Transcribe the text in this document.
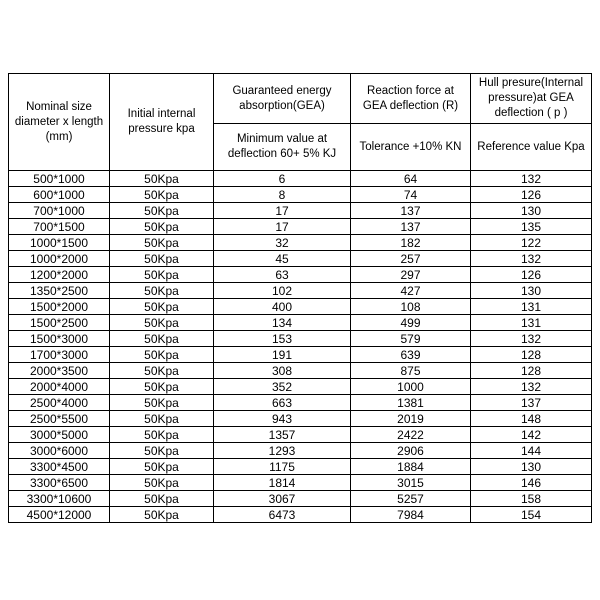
Nominal size diameter x length (mm)	Initial internal pressure kpa	Guaranteed energy absorption(GEA)	Reaction force at GEA deflection (R)	Hull presure(Internal pressure)at GEA deflection ( p )
		Minimum value at deflection 60+ 5% KJ	Tolerance +10% KN	Reference value Kpa
500*1000	50Kpa	6	64	132
600*1000	50Kpa	8	74	126
700*1000	50Kpa	17	137	130
700*1500	50Kpa	17	137	135
1000*1500	50Kpa	32	182	122
1000*2000	50Kpa	45	257	132
1200*2000	50Kpa	63	297	126
1350*2500	50Kpa	102	427	130
1500*2000	50Kpa	400	108	131
1500*2500	50Kpa	134	499	131
1500*3000	50Kpa	153	579	132
1700*3000	50Kpa	191	639	128
2000*3500	50Kpa	308	875	128
2000*4000	50Kpa	352	1000	132
2500*4000	50Kpa	663	1381	137
2500*5500	50Kpa	943	2019	148
3000*5000	50Kpa	1357	2422	142
3000*6000	50Kpa	1293	2906	144
3300*4500	50Kpa	1175	1884	130
3300*6500	50Kpa	1814	3015	146
3300*10600	50Kpa	3067	5257	158
4500*12000	50Kpa	6473	7984	154
